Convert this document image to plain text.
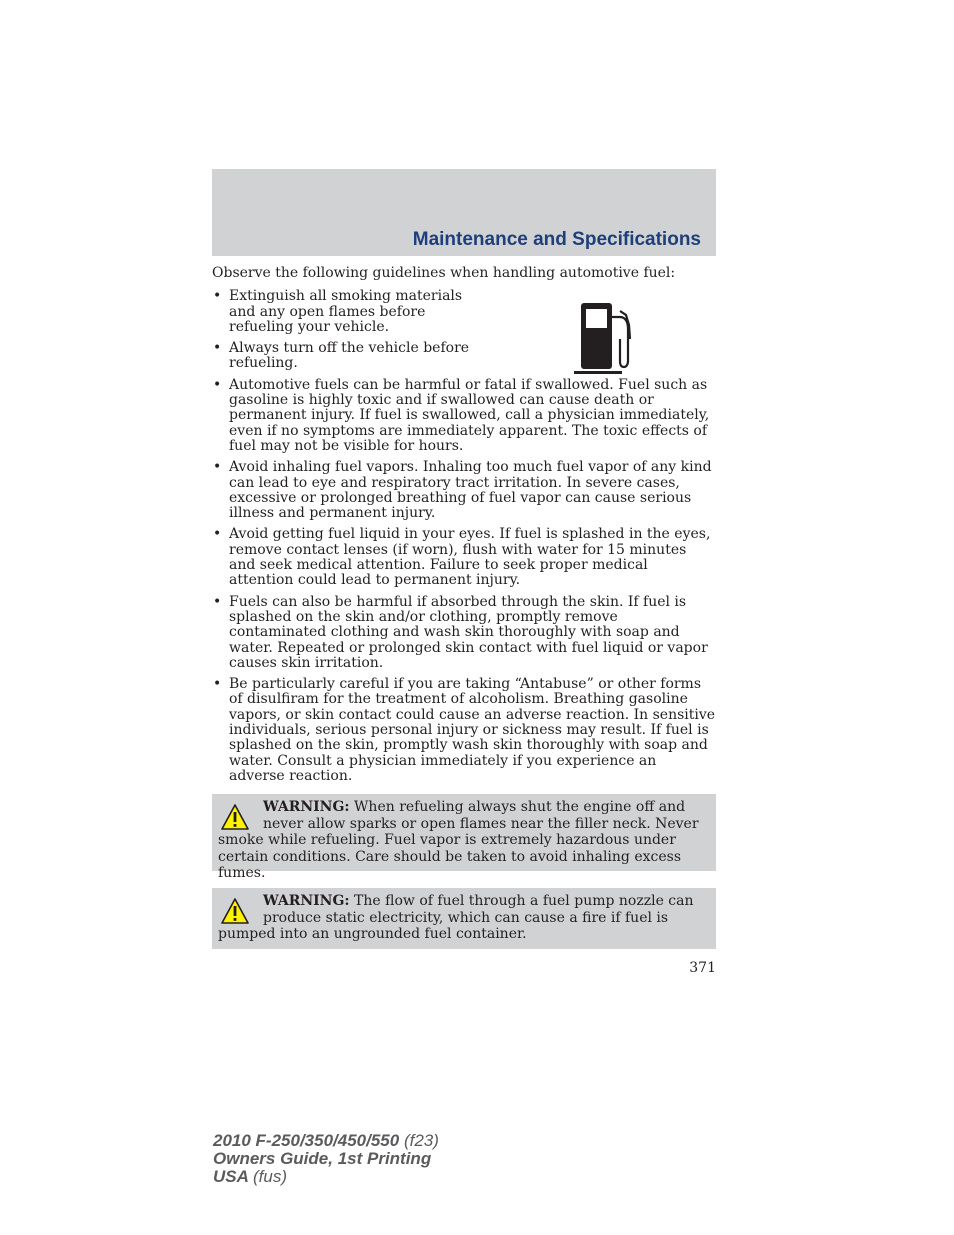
Maintenance and Specifications

Observe the following guidelines when handling automotive fuel:

• Extinguish all smoking materials and any open flames before refueling your vehicle.
• Always turn off the vehicle before refueling.
• Automotive fuels can be harmful or fatal if swallowed. Fuel such as gasoline is highly toxic and if swallowed can cause death or permanent injury. If fuel is swallowed, call a physician immediately, even if no symptoms are immediately apparent. The toxic effects of fuel may not be visible for hours.
• Avoid inhaling fuel vapors. Inhaling too much fuel vapor of any kind can lead to eye and respiratory tract irritation. In severe cases, excessive or prolonged breathing of fuel vapor can cause serious illness and permanent injury.
• Avoid getting fuel liquid in your eyes. If fuel is splashed in the eyes, remove contact lenses (if worn), flush with water for 15 minutes and seek medical attention. Failure to seek proper medical attention could lead to permanent injury.
• Fuels can also be harmful if absorbed through the skin. If fuel is splashed on the skin and/or clothing, promptly remove contaminated clothing and wash skin thoroughly with soap and water. Repeated or prolonged skin contact with fuel liquid or vapor causes skin irritation.
• Be particularly careful if you are taking “Antabuse” or other forms of disulfiram for the treatment of alcoholism. Breathing gasoline vapors, or skin contact could cause an adverse reaction. In sensitive individuals, serious personal injury or sickness may result. If fuel is splashed on the skin, promptly wash skin thoroughly with soap and water. Consult a physician immediately if you experience an adverse reaction.
WARNING: When refueling always shut the engine off and never allow sparks or open flames near the filler neck. Never smoke while refueling. Fuel vapor is extremely hazardous under certain conditions. Care should be taken to avoid inhaling excess fumes.
WARNING: The flow of fuel through a fuel pump nozzle can produce static electricity, which can cause a fire if fuel is pumped into an ungrounded fuel container.
371
2010 F-250/350/450/550 (f23)
Owners Guide, 1st Printing
USA (fus)
